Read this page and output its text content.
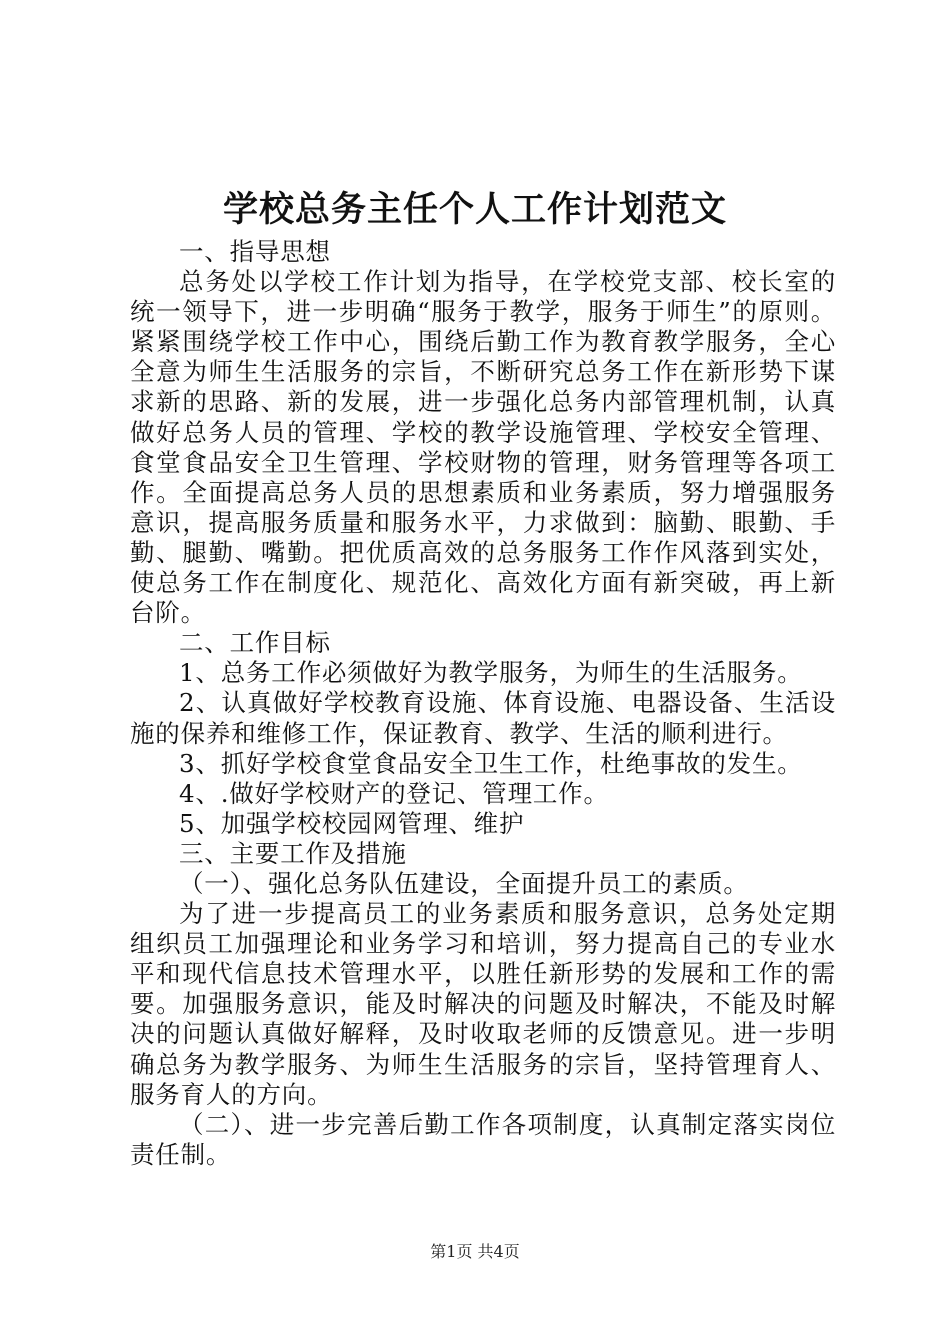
学校总务主任个人工作计划范文

一、指导思想

总务处以学校工作计划为指导，在学校党支部、校长室的统一领导下，进一步明确“服务于教学，服务于师生”的原则。紧紧围绕学校工作中心，围绕后勤工作为教育教学服务，全心全意为师生生活服务的宗旨，不断研究总务工作在新形势下谋求新的思路、新的发展，进一步强化总务内部管理机制，认真做好总务人员的管理、学校的教学设施管理、学校安全管理、食堂食品安全卫生管理、学校财物的管理，财务管理等各项工作。全面提高总务人员的思想素质和业务素质，努力增强服务意识，提高服务质量和服务水平，力求做到：脑勤、眼勤、手勤、腿勤、嘴勤。把优质高效的总务服务工作作风落到实处，使总务工作在制度化、规范化、高效化方面有新突破，再上新台阶。

二、工作目标

1、总务工作必须做好为教学服务，为师生的生活服务。

2、认真做好学校教育设施、体育设施、电器设备、生活设施的保养和维修工作，保证教育、教学、生活的顺利进行。

3、抓好学校食堂食品安全卫生工作，杜绝事故的发生。

4、.做好学校财产的登记、管理工作。

5、加强学校校园网管理、维护

三、主要工作及措施

（一）、强化总务队伍建设，全面提升员工的素质。

为了进一步提高员工的业务素质和服务意识，总务处定期组织员工加强理论和业务学习和培训，努力提高自己的专业水平和现代信息技术管理水平，以胜任新形势的发展和工作的需要。加强服务意识，能及时解决的问题及时解决，不能及时解决的问题认真做好解释，及时收取老师的反馈意见。进一步明确总务为教学服务、为师生生活服务的宗旨，坚持管理育人、服务育人的方向。

（二）、进一步完善后勤工作各项制度，认真制定落实岗位责任制。

第1页 共4页
